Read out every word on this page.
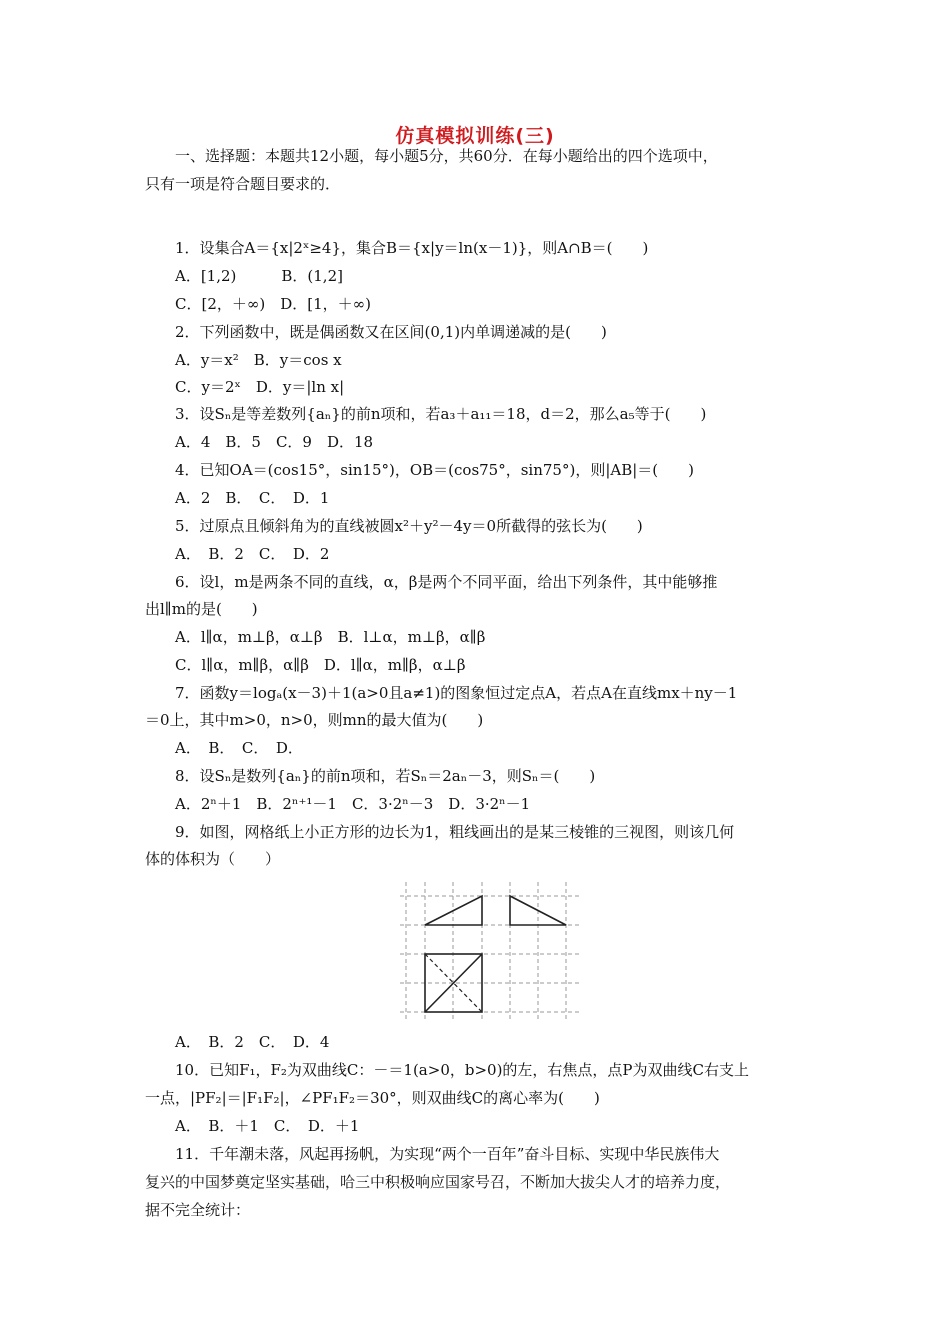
仿真模拟训练(三)
一、选择题：本题共12小题，每小题5分，共60分．在每小题给出的四个选项中，
只有一项是符合题目要求的．
1．设集合A＝{x|2ˣ≥4}，集合B＝{x|y＝ln(x－1)}，则A∩B＝(　　)
A．[1,2)　　　B．(1,2]
C．[2，＋∞)　D．[1，＋∞)
2．下列函数中，既是偶函数又在区间(0,1)内单调递减的是(　　)
A．y＝x²　B．y＝cos x
C．y＝2ˣ　D．y＝|ln x|
3．设Sₙ是等差数列{aₙ}的前n项和，若a₃＋a₁₁＝18，d＝2，那么a₅等于(　　)
A．4　B．5　C．9　D．18
4．已知OA＝(cos15°，sin15°)，OB＝(cos75°，sin75°)，则|AB|＝(　　)
A．2　B．　C．　D．1
5．过原点且倾斜角为的直线被圆x²＋y²－4y＝0所截得的弦长为(　　)
A．　B．2　C．　D．2
6．设l，m是两条不同的直线，α，β是两个不同平面，给出下列条件，其中能够推
出l∥m的是(　　)
A．l∥α，m⊥β，α⊥β　B．l⊥α，m⊥β，α∥β
C．l∥α，m∥β，α∥β　D．l∥α，m∥β，α⊥β
7．函数y＝logₐ(x－3)＋1(a>0且a≠1)的图象恒过定点A，若点A在直线mx＋ny－1
＝0上，其中m>0，n>0，则mn的最大值为(　　)
A．　B．　C．　D．
8．设Sₙ是数列{aₙ}的前n项和，若Sₙ＝2aₙ－3，则Sₙ＝(　　)
A．2ⁿ＋1　B．2ⁿ⁺¹－1　C．3·2ⁿ－3　D．3·2ⁿ－1
9．如图，网格纸上小正方形的边长为1，粗线画出的是某三棱锥的三视图，则该几何
体的体积为（　　）
A．　B．2　C．　D．4
10．已知F₁，F₂为双曲线C：－＝1(a>0，b>0)的左，右焦点，点P为双曲线C右支上
一点，|PF₂|＝|F₁F₂|，∠PF₁F₂＝30°，则双曲线C的离心率为(　　)
A．　B．＋1　C．　D．＋1
11．千年潮未落，风起再扬帆，为实现“两个一百年”奋斗目标、实现中华民族伟大
复兴的中国梦奠定坚实基础，哈三中积极响应国家号召，不断加大拔尖人才的培养力度，
据不完全统计：
